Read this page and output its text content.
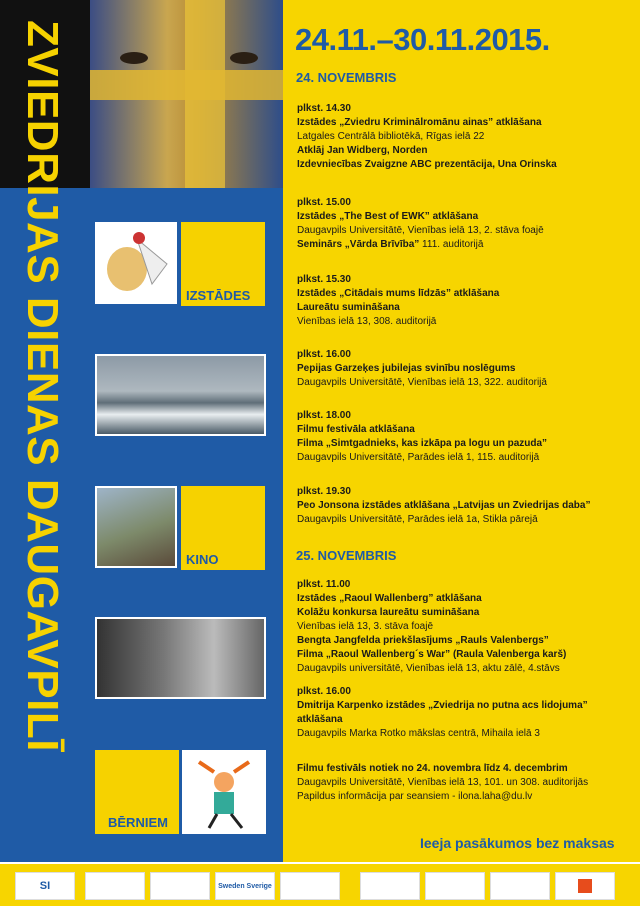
ZVIEDRIJAS DIENAS DAUGAVPILĪ	IZSTĀDES
KINO
BĒRNIEM
24.11.–30.11.2015.
24. NOVEMBRIS
plkst. 14.30
Izstādes „Zviedru Kriminālromānu ainas” atklāšana
Latgales Centrālā bibliotēkā, Rīgas ielā 22
Atklāj Jan Widberg, Norden
Izdevniecības Zvaigzne ABC prezentācija, Una Orinska
plkst. 15.00
Izstādes „The Best of EWK” atklāšana
Daugavpils Universitātē, Vienības ielā 13, 2. stāva foajē
Seminārs „Vārda Brīvība” 111. auditorijā
plkst. 15.30
Izstādes „Citādais mums līdzās” atklāšana
Laureātu sumināšana
Vienības ielā 13, 308. auditorijā
plkst. 16.00
Pepijas Garzeķes jubilejas svinību noslēgums
Daugavpils Universitātē, Vienības ielā 13, 322. auditorijā
plkst. 18.00
Filmu festivāla atklāšana
Filma „Simtgadnieks, kas izkāpa pa logu un pazuda”
Daugavpils Universitātē, Parādes ielā 1, 115. auditorijā
plkst. 19.30
Peo Jonsona izstādes atklāšana „Latvijas un Zviedrijas daba”
Daugavpils Universitātē, Parādes ielā 1a, Stikla pārejā
25. NOVEMBRIS
plkst. 11.00
Izstādes „Raoul Wallenberg” atklāšana
Kolāžu konkursa laureātu sumināšana
Vienības ielā 13, 3. stāva foajē
Bengta Jangfelda priekšlasījums „Rauls Valenbergs”
Filma „Raoul Wallenberg´s War” (Raula Valenberga karš)
Daugavpils universitātē, Vienības ielā 13, aktu zālē, 4.stāvs
plkst. 16.00
Dmitrija Karpenko izstādes „Zviedrija no putna acs lidojuma”
atklāšana
Daugavpils Marka Rotko mākslas centrā, Mihaila ielā 3
Filmu festivāls notiek no 24. novembra līdz 4. decembrim
Daugavpils Universitātē, Vienības ielā 13, 101. un 308. auditorijās
Papildus informācija par seansiem - ilona.laha@du.lv
Ieeja pasākumos bez maksas
SI	Sweden Sverige
